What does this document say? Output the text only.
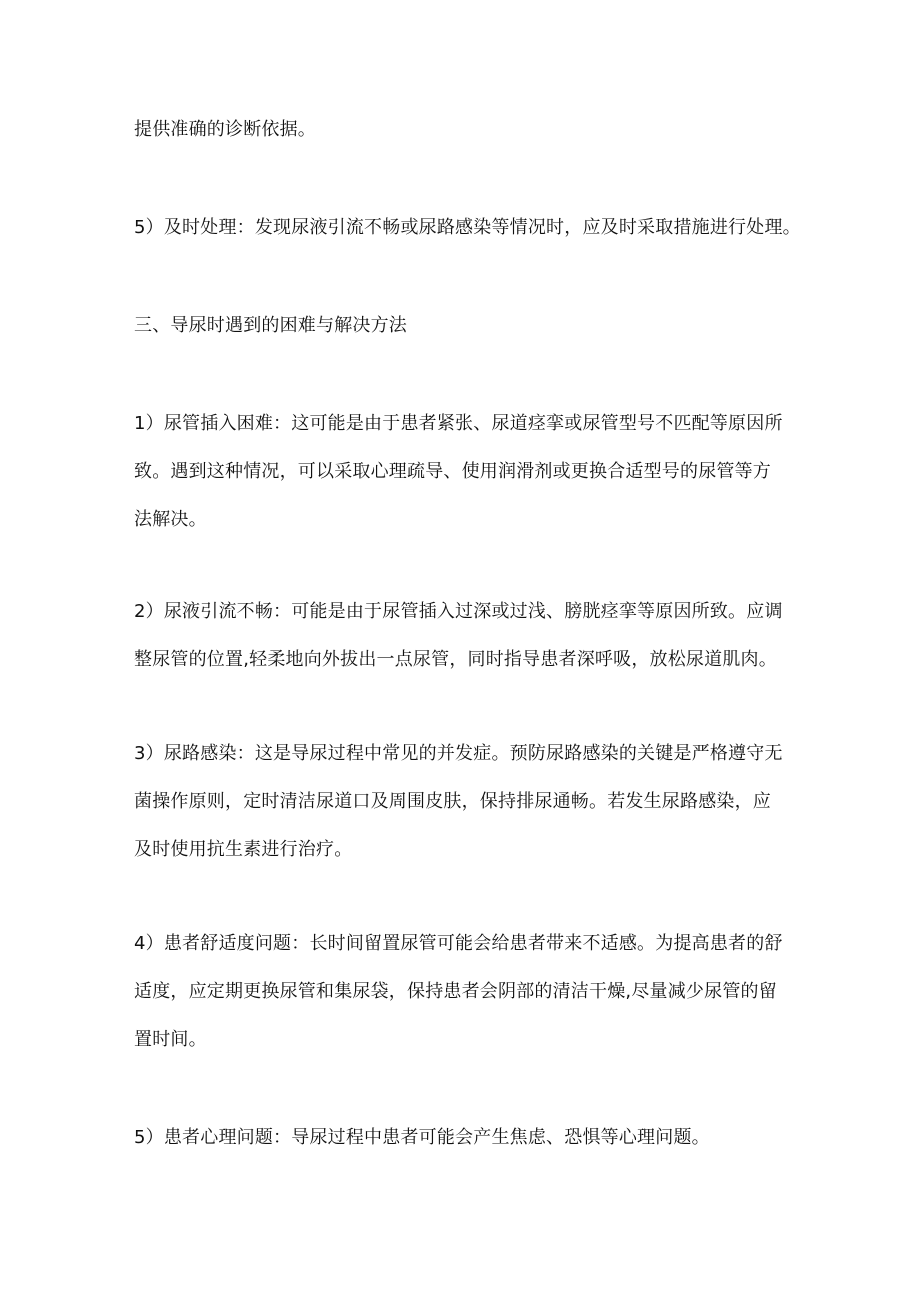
提供准确的诊断依据。
5）及时处理：发现尿液引流不畅或尿路感染等情况时，应及时采取措施进行处理。
三、导尿时遇到的困难与解决方法
1）尿管插入困难：这可能是由于患者紧张、尿道痉挛或尿管型号不匹配等原因所
致。遇到这种情况，可以采取心理疏导、使用润滑剂或更换合适型号的尿管等方
法解决。
2）尿液引流不畅：可能是由于尿管插入过深或过浅、膀胱痉挛等原因所致。应调
整尿管的位置,轻柔地向外拔出一点尿管，同时指导患者深呼吸，放松尿道肌肉。
3）尿路感染：这是导尿过程中常见的并发症。预防尿路感染的关键是严格遵守无
菌操作原则，定时清洁尿道口及周围皮肤，保持排尿通畅。若发生尿路感染，应
及时使用抗生素进行治疗。
4）患者舒适度问题：长时间留置尿管可能会给患者带来不适感。为提高患者的舒
适度，应定期更换尿管和集尿袋，保持患者会阴部的清洁干燥,尽量减少尿管的留
置时间。
5）患者心理问题：导尿过程中患者可能会产生焦虑、恐惧等心理问题。
